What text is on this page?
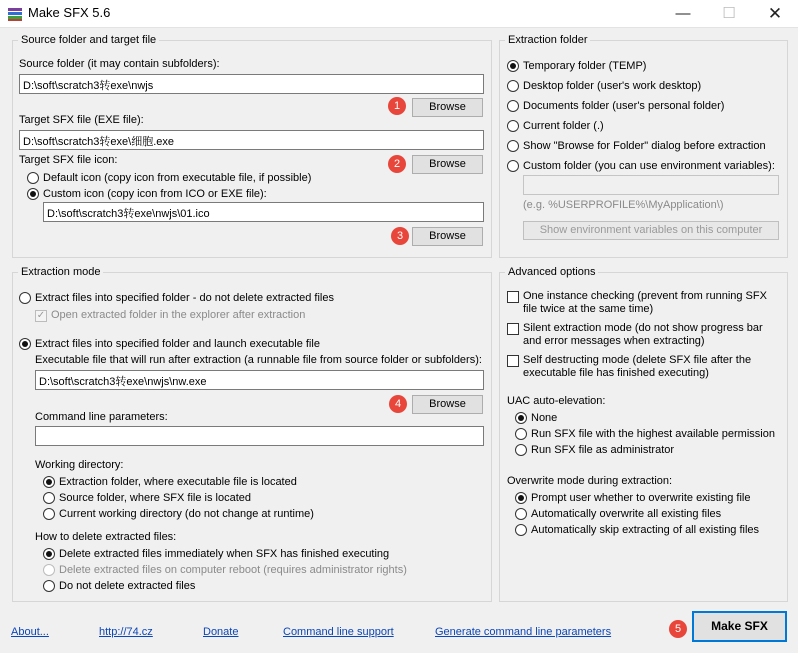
Make SFX 5.6	—	☐	✕
Source folder and target file
Source folder (it may contain subfolders):
D:\soft\scratch3转exe\nwjs
1	Browse
Target SFX file (EXE file):
D:\soft\scratch3转exe\细胞.exe
Target SFX file icon:	2	Browse
Default icon (copy icon from executable file, if possible)
Custom icon (copy icon from ICO or EXE file):
D:\soft\scratch3转exe\nwjs\01.ico
3	Browse
Extraction folder
Temporary folder (TEMP)
Desktop folder (user's work desktop)
Documents folder (user's personal folder)
Current folder (.)
Show "Browse for Folder" dialog before extraction
Custom folder (you can use environment variables):
(e.g. %USERPROFILE%\MyApplication\)
Show environment variables on this computer
Extraction mode
Extract files into specified folder - do not delete extracted files
✓ Open extracted folder in the explorer after extraction
Extract files into specified folder and launch executable file
Executable file that will run after extraction (a runnable file from source folder or subfolders):
D:\soft\scratch3转exe\nwjs\nw.exe
4	Browse
Command line parameters:
Working directory:
Extraction folder, where executable file is located
Source folder, where SFX file is located
Current working directory (do not change at runtime)
How to delete extracted files:
Delete extracted files immediately when SFX has finished executing
Delete extracted files on computer reboot (requires administrator rights)
Do not delete extracted files
Advanced options
One instance checking (prevent from running SFX file twice at the same time)
Silent extraction mode (do not show progress bar and error messages when extracting)
Self destructing mode (delete SFX file after the executable file has finished executing)
UAC auto-elevation:
None
Run SFX file with the highest available permission
Run SFX file as administrator
Overwrite mode during extraction:
Prompt user whether to overwrite existing file
Automatically overwrite all existing files
Automatically skip extracting of all existing files
About...	http://74.cz	Donate	Command line support	Generate command line parameters	5	Make SFX
